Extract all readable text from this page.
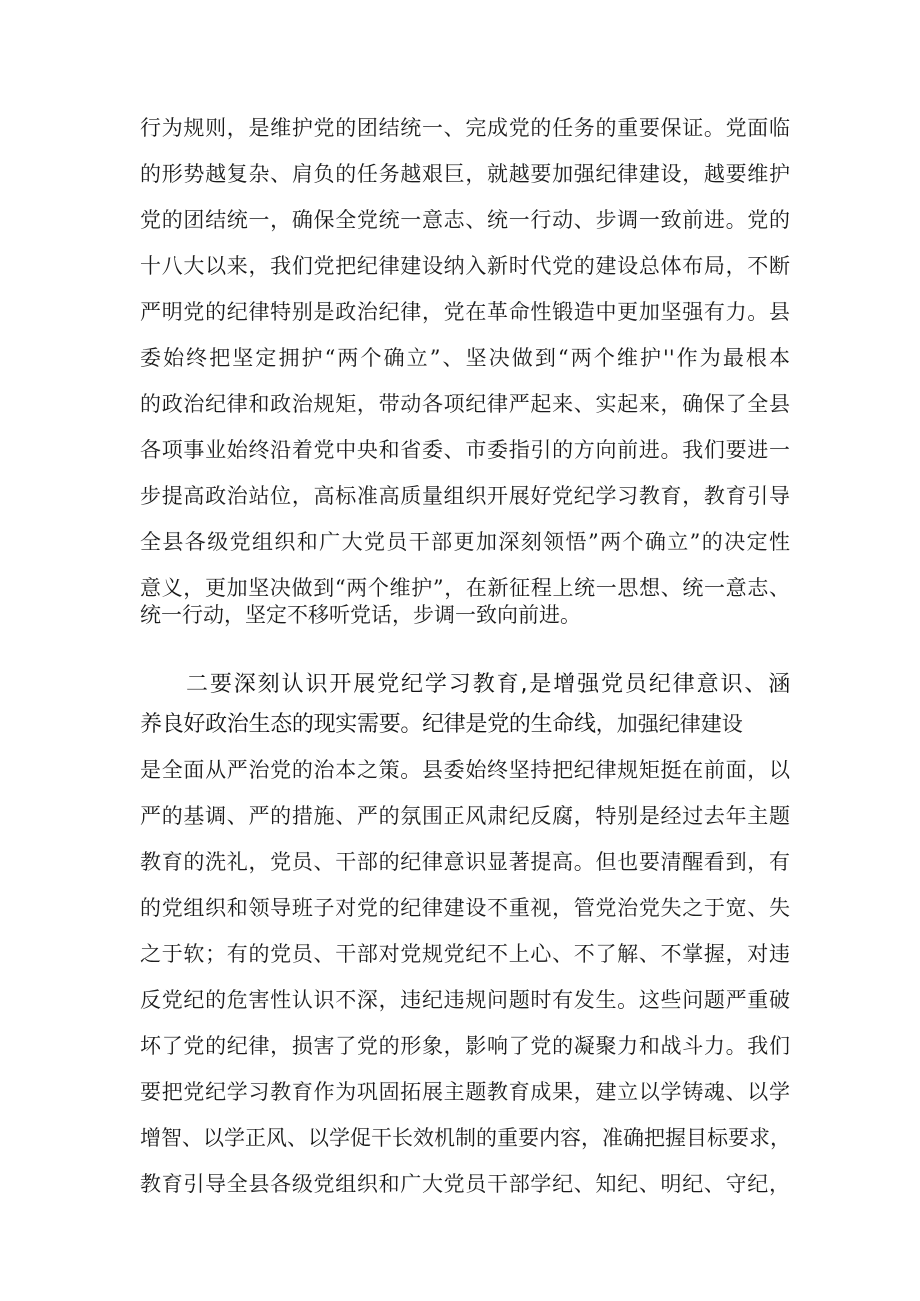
行为规则，是维护党的团结统一、完成党的任务的重要保证。党面临
的形势越复杂、肩负的任务越艰巨，就越要加强纪律建设，越要维护
党的团结统一，确保全党统一意志、统一行动、步调一致前进。党的
十八大以来，我们党把纪律建设纳入新时代党的建设总体布局，不断
严明党的纪律特别是政治纪律，党在革命性锻造中更加坚强有力。县
委始终把坚定拥护“两个确立”、坚决做到“两个维护''作为最根本
的政治纪律和政治规矩，带动各项纪律严起来、实起来，确保了全县
各项事业始终沿着党中央和省委、市委指引的方向前进。我们要进一
步提高政治站位，高标准高质量组织开展好党纪学习教育，教育引导
全县各级党组织和广大党员干部更加深刻领悟”两个确立”的决定性
意义，更加坚决做到“两个维护”，在新征程上统一思想、统一意志、
统一行动，坚定不移听党话，步调一致向前进。
二要深刻认识开展党纪学习教育,是增强党员纪律意识、涵
养良好政治生态的现实需要。纪律是党的生命线，加强纪律建设
是全面从严治党的治本之策。县委始终坚持把纪律规矩挺在前面，以
严的基调、严的措施、严的氛围正风肃纪反腐，特别是经过去年主题
教育的洗礼，党员、干部的纪律意识显著提高。但也要清醒看到，有
的党组织和领导班子对党的纪律建设不重视，管党治党失之于宽、失
之于软；有的党员、干部对党规党纪不上心、不了解、不掌握，对违
反党纪的危害性认识不深，违纪违规问题时有发生。这些问题严重破
坏了党的纪律，损害了党的形象，影响了党的凝聚力和战斗力。我们
要把党纪学习教育作为巩固拓展主题教育成果，建立以学铸魂、以学
增智、以学正风、以学促干长效机制的重要内容，准确把握目标要求，
教育引导全县各级党组织和广大党员干部学纪、知纪、明纪、守纪，
